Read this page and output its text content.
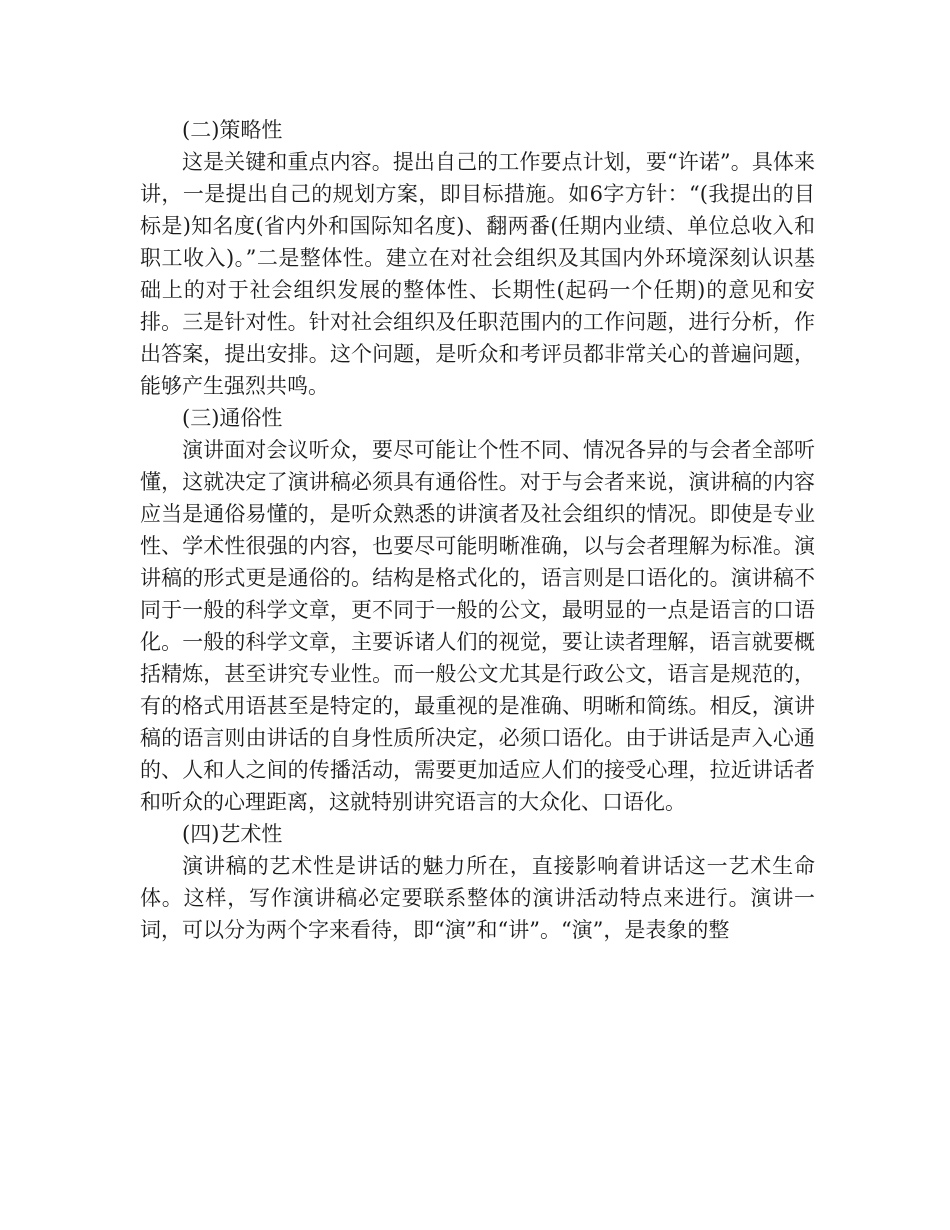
(二)策略性

这是关键和重点内容。提出自己的工作要点计划，要“许诺”。具体来讲，一是提出自己的规划方案，即目标措施。如6字方针：“(我提出的目标是)知名度(省内外和国际知名度)、翻两番(任期内业绩、单位总收入和职工收入)。”二是整体性。建立在对社会组织及其国内外环境深刻认识基础上的对于社会组织发展的整体性、长期性(起码一个任期)的意见和安排。三是针对性。针对社会组织及任职范围内的工作问题，进行分析，作出答案，提出安排。这个问题，是听众和考评员都非常关心的普遍问题，能够产生强烈共鸣。

(三)通俗性

演讲面对会议听众，要尽可能让个性不同、情况各异的与会者全部听懂，这就决定了演讲稿必须具有通俗性。对于与会者来说，演讲稿的内容应当是通俗易懂的，是听众熟悉的讲演者及社会组织的情况。即使是专业性、学术性很强的内容，也要尽可能明晰准确，以与会者理解为标准。演讲稿的形式更是通俗的。结构是格式化的，语言则是口语化的。演讲稿不同于一般的科学文章，更不同于一般的公文，最明显的一点是语言的口语化。一般的科学文章，主要诉诸人们的视觉，要让读者理解，语言就要概括精炼，甚至讲究专业性。而一般公文尤其是行政公文，语言是规范的，有的格式用语甚至是特定的，最重视的是准确、明晰和简练。相反，演讲稿的语言则由讲话的自身性质所决定，必须口语化。由于讲话是声入心通的、人和人之间的传播活动，需要更加适应人们的接受心理，拉近讲话者和听众的心理距离，这就特别讲究语言的大众化、口语化。

(四)艺术性

演讲稿的艺术性是讲话的魅力所在，直接影响着讲话这一艺术生命体。这样，写作演讲稿必定要联系整体的演讲活动特点来进行。演讲一词，可以分为两个字来看待，即“演”和“讲”。“演”，是表象的整
